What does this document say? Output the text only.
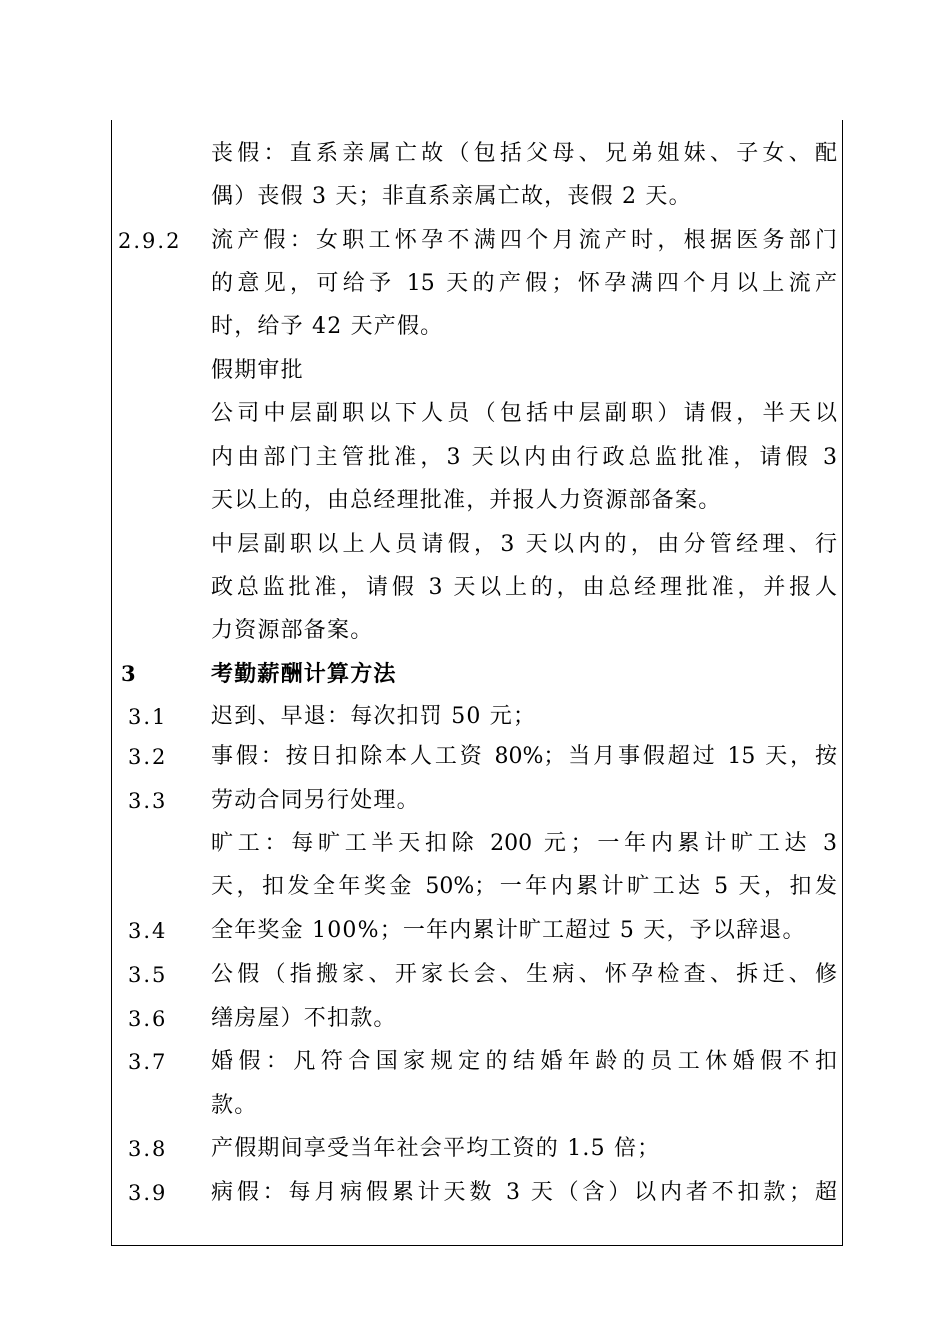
2.9.2
3
3.1
3.2
3.3
3.4
3.5
3.6
3.7
3.8
3.9
丧假：直系亲属亡故（包括父母、兄弟姐妹、子女、配
偶）丧假 3 天；非直系亲属亡故，丧假 2 天。
流产假：女职工怀孕不满四个月流产时，根据医务部门
的意见，可给予 15 天的产假；怀孕满四个月以上流产
时，给予 42 天产假。
假期审批
公司中层副职以下人员（包括中层副职）请假，半天以
内由部门主管批准，3 天以内由行政总监批准，请假 3
天以上的，由总经理批准，并报人力资源部备案。
中层副职以上人员请假，3 天以内的，由分管经理、行
政总监批准，请假 3 天以上的，由总经理批准，并报人
力资源部备案。
考勤薪酬计算方法
迟到、早退：每次扣罚 50 元；
事假：按日扣除本人工资 80%；当月事假超过 15 天，按
劳动合同另行处理。
旷工：每旷工半天扣除 200 元；一年内累计旷工达 3
天，扣发全年奖金 50%；一年内累计旷工达 5 天，扣发
全年奖金 100%；一年内累计旷工超过 5 天，予以辞退。
公假（指搬家、开家长会、生病、怀孕检查、拆迁、修
缮房屋）不扣款。
婚假：凡符合国家规定的结婚年龄的员工休婚假不扣
款。
产假期间享受当年社会平均工资的 1.5 倍；
病假：每月病假累计天数 3 天（含）以内者不扣款；超
